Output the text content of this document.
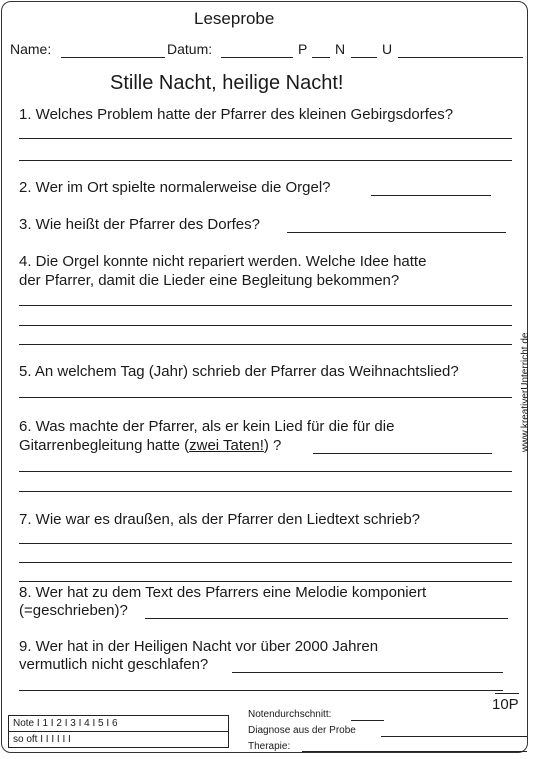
Leseprobe
Name:	Datum:	P N	U
Stille Nacht, heilige Nacht!
1. Welches Problem hatte der Pfarrer des kleinen Gebirgsdorfes?
2. Wer im Ort spielte normalerweise die Orgel?
3. Wie heißt der Pfarrer des Dorfes?
4. Die Orgel konnte nicht repariert werden. Welche Idee hatte
der Pfarrer, damit die Lieder eine Begleitung bekommen?
5. An welchem Tag (Jahr) schrieb der Pfarrer das Weihnachtslied?
6. Was machte der Pfarrer, als er kein Lied für die für die
Gitarrenbegleitung hatte (zwei Taten!) ?
7. Wie war es draußen, als der Pfarrer den Liedtext schrieb?
8. Wer hat zu dem Text des Pfarrers eine Melodie komponiert
(=geschrieben)?
9. Wer hat in der Heiligen Nacht vor über 2000 Jahren
vermutlich nicht geschlafen?
10P
www.kreativerUnterricht.de
Note I 1 I 2 I 3 I 4 I 5 I 6
so oft I I I I I I
Notendurchschnitt:
Diagnose aus der Probe
Therapie:
